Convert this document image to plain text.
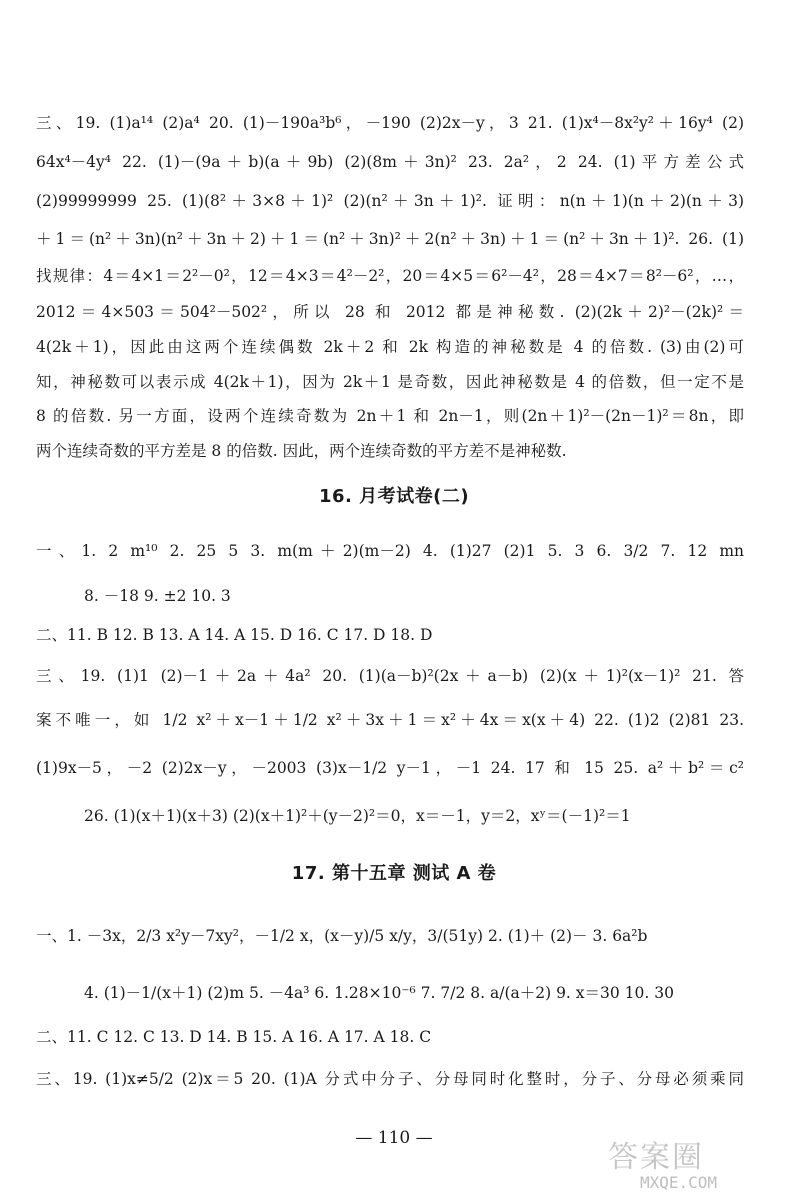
三、19. (1)a¹⁴ (2)a⁴ 20. (1)－190a³b⁶，－190 (2)2x－y，3 21. (1)x⁴－8x²y²＋16y⁴ (2)
64x⁴－4y⁴ 22. (1)－(9a＋b)(a＋9b) (2)(8m＋3n)² 23. 2a²，2 24. (1)平方差公式
(2)99999999 25. (1)(8²＋3×8＋1)² (2)(n²＋3n＋1)². 证明：n(n＋1)(n＋2)(n＋3)
＋1＝(n²＋3n)(n²＋3n＋2)＋1＝(n²＋3n)²＋2(n²＋3n)＋1＝(n²＋3n＋1)². 26. (1)
找规律：4＝4×1＝2²－0²，12＝4×3＝4²－2²，20＝4×5＝6²－4²，28＝4×7＝8²－6²，…，
2012＝4×503＝504²－502²，所以 28 和 2012 都是神秘数. (2)(2k＋2)²－(2k)²＝
4(2k＋1)，因此由这两个连续偶数 2k＋2 和 2k 构造的神秘数是 4 的倍数. (3)由(2)可
知，神秘数可以表示成 4(2k＋1)，因为 2k＋1 是奇数，因此神秘数是 4 的倍数，但一定不是
8 的倍数. 另一方面，设两个连续奇数为 2n＋1 和 2n－1，则(2n＋1)²－(2n－1)²＝8n，即
两个连续奇数的平方差是 8 的倍数. 因此，两个连续奇数的平方差不是神秘数.
16. 月考试卷(二)
一、1. 2 m¹⁰ 2. 25 5 3. m(m＋2)(m－2) 4. (1)27 (2)1 5. 3 6. 3/2 7. 12 mn
8. －18 9. ±2 10. 3
二、11. B 12. B 13. A 14. A 15. D 16. C 17. D 18. D
三、19. (1)1 (2)－1＋2a＋4a² 20. (1)(a－b)²(2x＋a－b) (2)(x＋1)²(x－1)² 21. 答
案不唯一，如 1/2 x²＋x－1＋1/2 x²＋3x＋1＝x²＋4x＝x(x＋4) 22. (1)2 (2)81 23.
(1)9x－5，－2 (2)2x－y，－2003 (3)x－1/2 y－1，－1 24. 17 和 15 25. a²＋b²＝c²
26. (1)(x＋1)(x＋3) (2)(x＋1)²＋(y－2)²＝0，x＝－1，y＝2，xʸ＝(－1)²＝1
17. 第十五章 测试 A 卷
一、1. －3x，2/3 x²y－7xy²，－1/2 x，(x－y)/5 x/y，3/(51y) 2. (1)＋ (2)－ 3. 6a²b
4. (1)－1/(x＋1) (2)m 5. －4a³ 6. 1.28×10⁻⁶ 7. 7/2 8. a/(a＋2) 9. x＝30 10. 30
二、11. C 12. C 13. D 14. B 15. A 16. A 17. A 18. C
三、19. (1)x≠5/2 (2)x＝5 20. (1)A 分式中分子、分母同时化整时，分子、分母必须乘同
— 110 —
答案圈
MXQE.COM
